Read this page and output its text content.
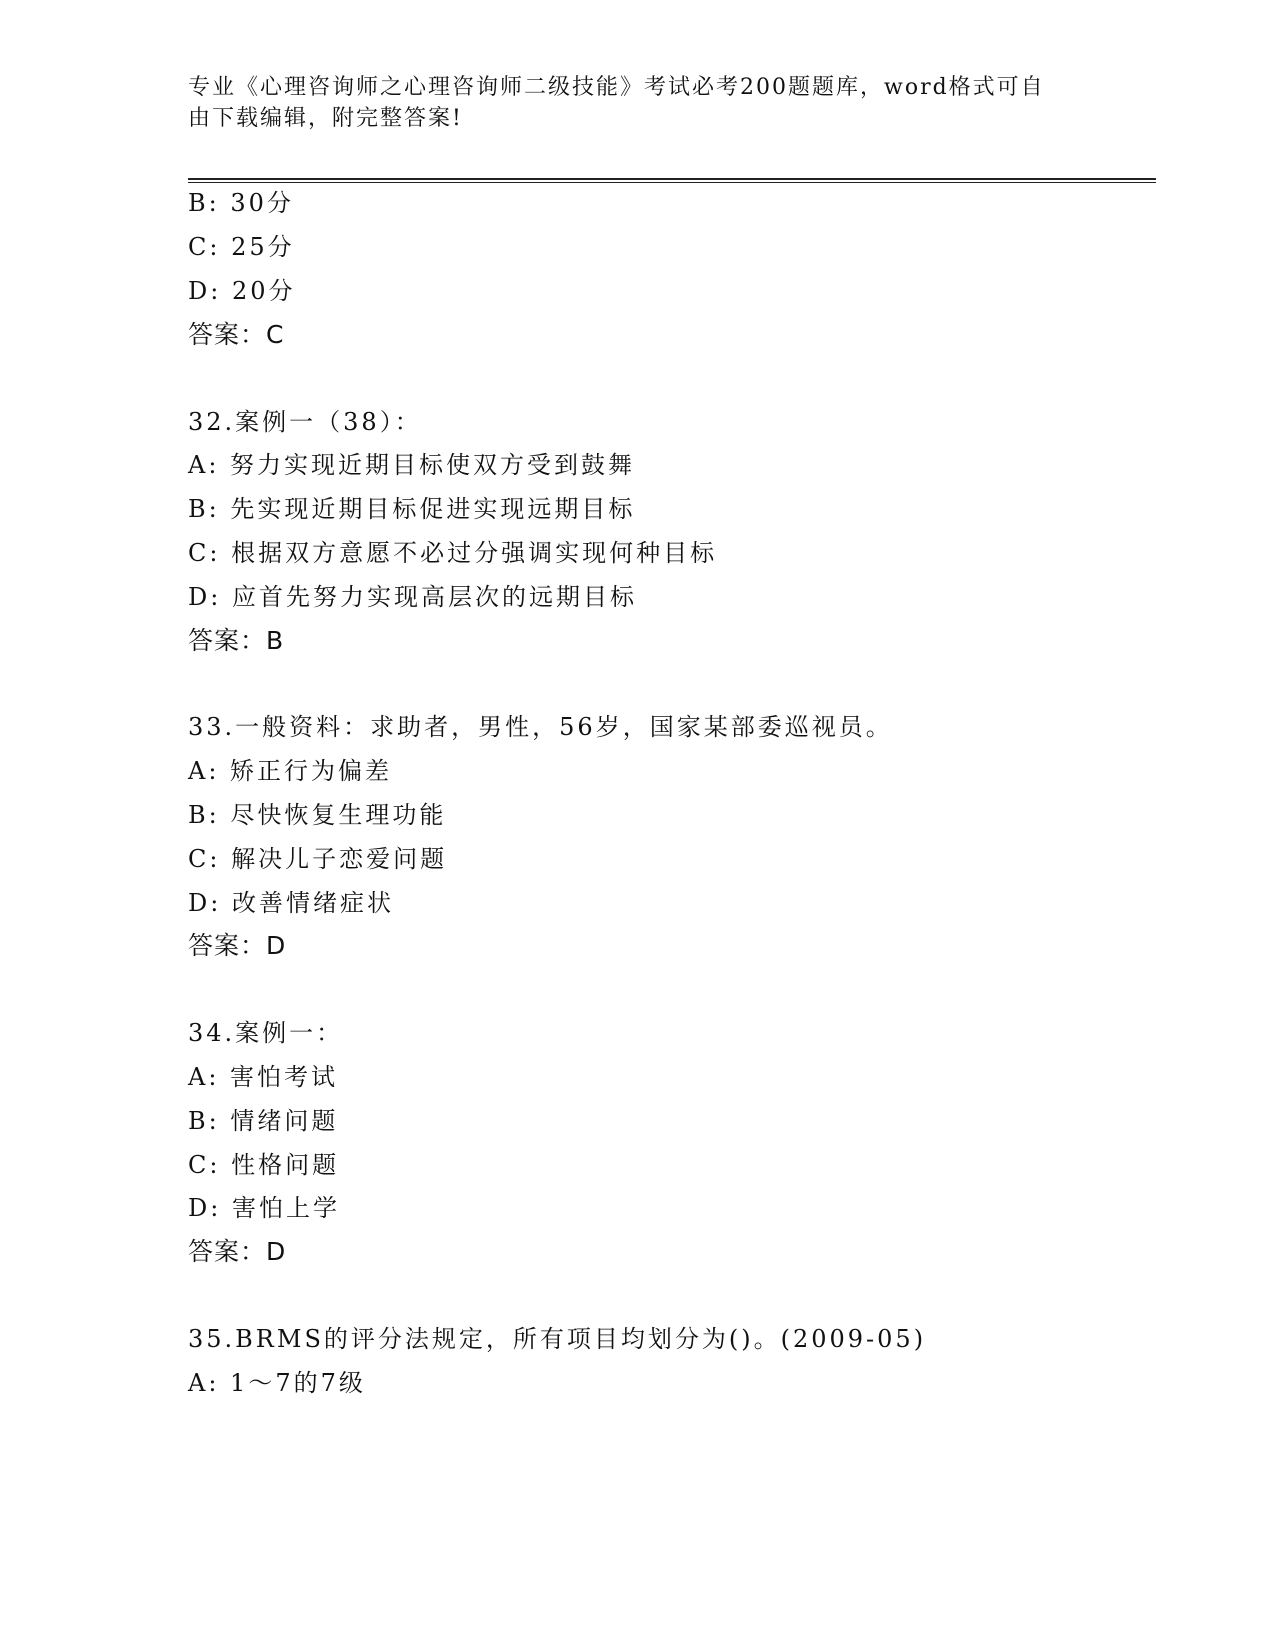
专业《心理咨询师之心理咨询师二级技能》考试必考200题题库，word格式可自由下载编辑，附完整答案!
B: 30分
C: 25分
D: 20分
答案：C
32.案例一（38）：
A: 努力实现近期目标使双方受到鼓舞
B: 先实现近期目标促进实现远期目标
C: 根据双方意愿不必过分强调实现何种目标
D: 应首先努力实现高层次的远期目标
答案：B
33.一般资料：求助者，男性，56岁，国家某部委巡视员。
A: 矫正行为偏差
B: 尽快恢复生理功能
C: 解决儿子恋爱问题
D: 改善情绪症状
答案：D
34.案例一：
A: 害怕考试
B: 情绪问题
C: 性格问题
D: 害怕上学
答案：D
35.BRMS的评分法规定，所有项目均划分为()。(2009-05)
A: 1～7的7级
